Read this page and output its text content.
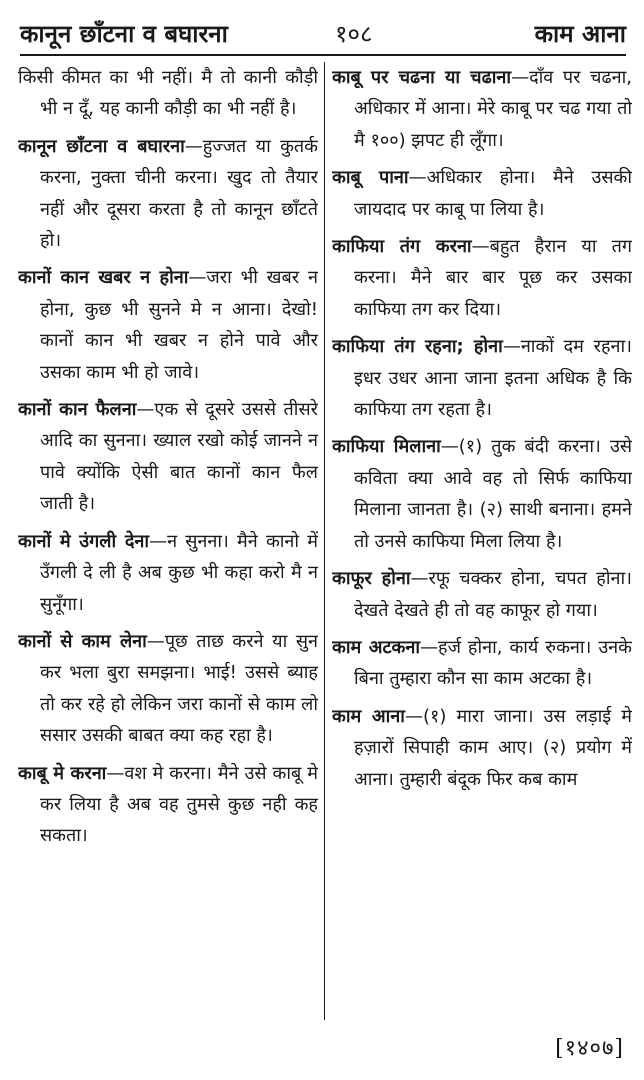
कानून छाँटना व बघारना	१०८	काम आना

किसी कीमत का भी नहीं। मै तो कानी कौड़ी भी न दूँ, यह कानी कौड़ी का भी नहीं है।

कानून छाँटना व बघारना—हुज्जत या कुतर्क करना, नुक्ता चीनी करना। खुद तो तैयार नहीं और दूसरा करता है तो कानून छाँटते हो।

कानों कान खबर न होना—जरा भी खबर न होना, कुछ भी सुनने मे न आना। देखो! कानों कान भी खबर न होने पावे और उसका काम भी हो जावे।

कानों कान फैलना—एक से दूसरे उससे तीसरे आदि का सुनना। ख्याल रखो कोई जानने न पावे क्योंकि ऐसी बात कानों कान फैल जाती है।

कानों मे उंगली देना—न सुनना। मैने कानो में उँगली दे ली है अब कुछ भी कहा करो मै न सुनूँगा।

कानों से काम लेना—पूछ ताछ करने या सुन कर भला बुरा समझना। भाई! उससे ब्याह तो कर रहे हो लेकिन जरा कानों से काम लो ससार उसकी बाबत क्या कह रहा है।

काबू मे करना—वश मे करना। मैने उसे काबू मे कर लिया है अब वह तुमसे कुछ नही कह सकता।

काबू पर चढना या चढाना—दाँव पर चढना, अधिकार में आना। मेरे काबू पर चढ गया तो मै १००) झपट ही लूँगा।

काबू पाना—अधिकार होना। मैने उसकी जायदाद पर काबू पा लिया है।

काफिया तंग करना—बहुत हैरान या तग करना। मैने बार बार पूछ कर उसका काफिया तग कर दिया।

काफिया तंग रहना; होना—नाकों दम रहना। इधर उधर आना जाना इतना अधिक है कि काफिया तग रहता है।

काफिया मिलाना—(१) तुक बंदी करना। उसे कविता क्या आवे वह तो सिर्फ काफिया मिलाना जानता है। (२) साथी बनाना। हमने तो उनसे काफिया मिला लिया है।

काफूर होना—रफू चक्कर होना, चपत होना। देखते देखते ही तो वह काफूर हो गया।

काम अटकना—हर्ज होना, कार्य रुकना। उनके बिना तुम्हारा कौन सा काम अटका है।

काम आना—(१) मारा जाना। उस लड़ाई मे हज़ारों सिपाही काम आए। (२) प्रयोग में आना। तुम्हारी बंदूक फिर कब काम

[१४०७]
